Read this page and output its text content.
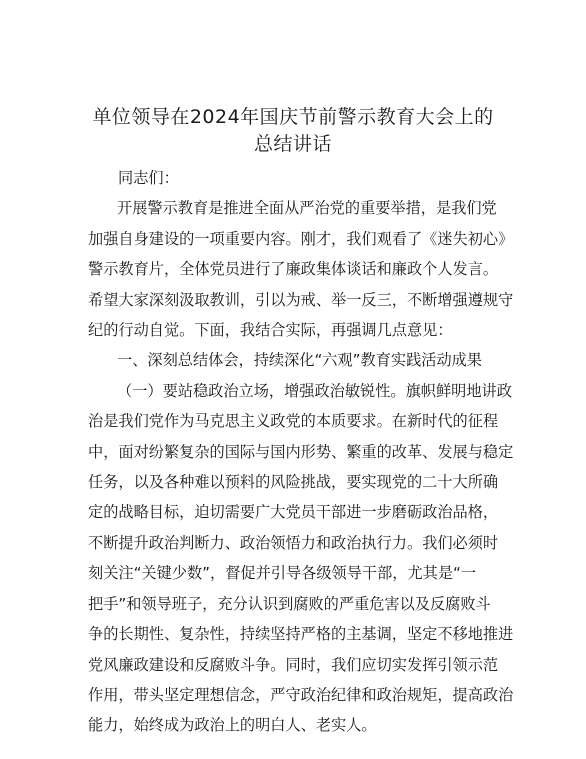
单位领导在2024年国庆节前警示教育大会上的
总结讲话
同志们：
开展警示教育是推进全面从严治党的重要举措，是我们党
加强自身建设的一项重要内容。刚才，我们观看了《迷失初心》
警示教育片，全体党员进行了廉政集体谈话和廉政个人发言。
希望大家深刻汲取教训，引以为戒、举一反三，不断增强遵规守
纪的行动自觉。下面，我结合实际，再强调几点意见：
一、深刻总结体会，持续深化“六观”教育实践活动成果
（一）要站稳政治立场，增强政治敏锐性。旗帜鲜明地讲政
治是我们党作为马克思主义政党的本质要求。在新时代的征程
中，面对纷繁复杂的国际与国内形势、繁重的改革、发展与稳定
任务，以及各种难以预料的风险挑战，要实现党的二十大所确
定的战略目标，迫切需要广大党员干部进一步磨砺政治品格，
不断提升政治判断力、政治领悟力和政治执行力。我们必须时
刻关注“关键少数”，督促并引导各级领导干部，尤其是“一
把手”和领导班子，充分认识到腐败的严重危害以及反腐败斗
争的长期性、复杂性，持续坚持严格的主基调，坚定不移地推进
党风廉政建设和反腐败斗争。同时，我们应切实发挥引领示范
作用，带头坚定理想信念，严守政治纪律和政治规矩，提高政治
能力，始终成为政治上的明白人、老实人。
